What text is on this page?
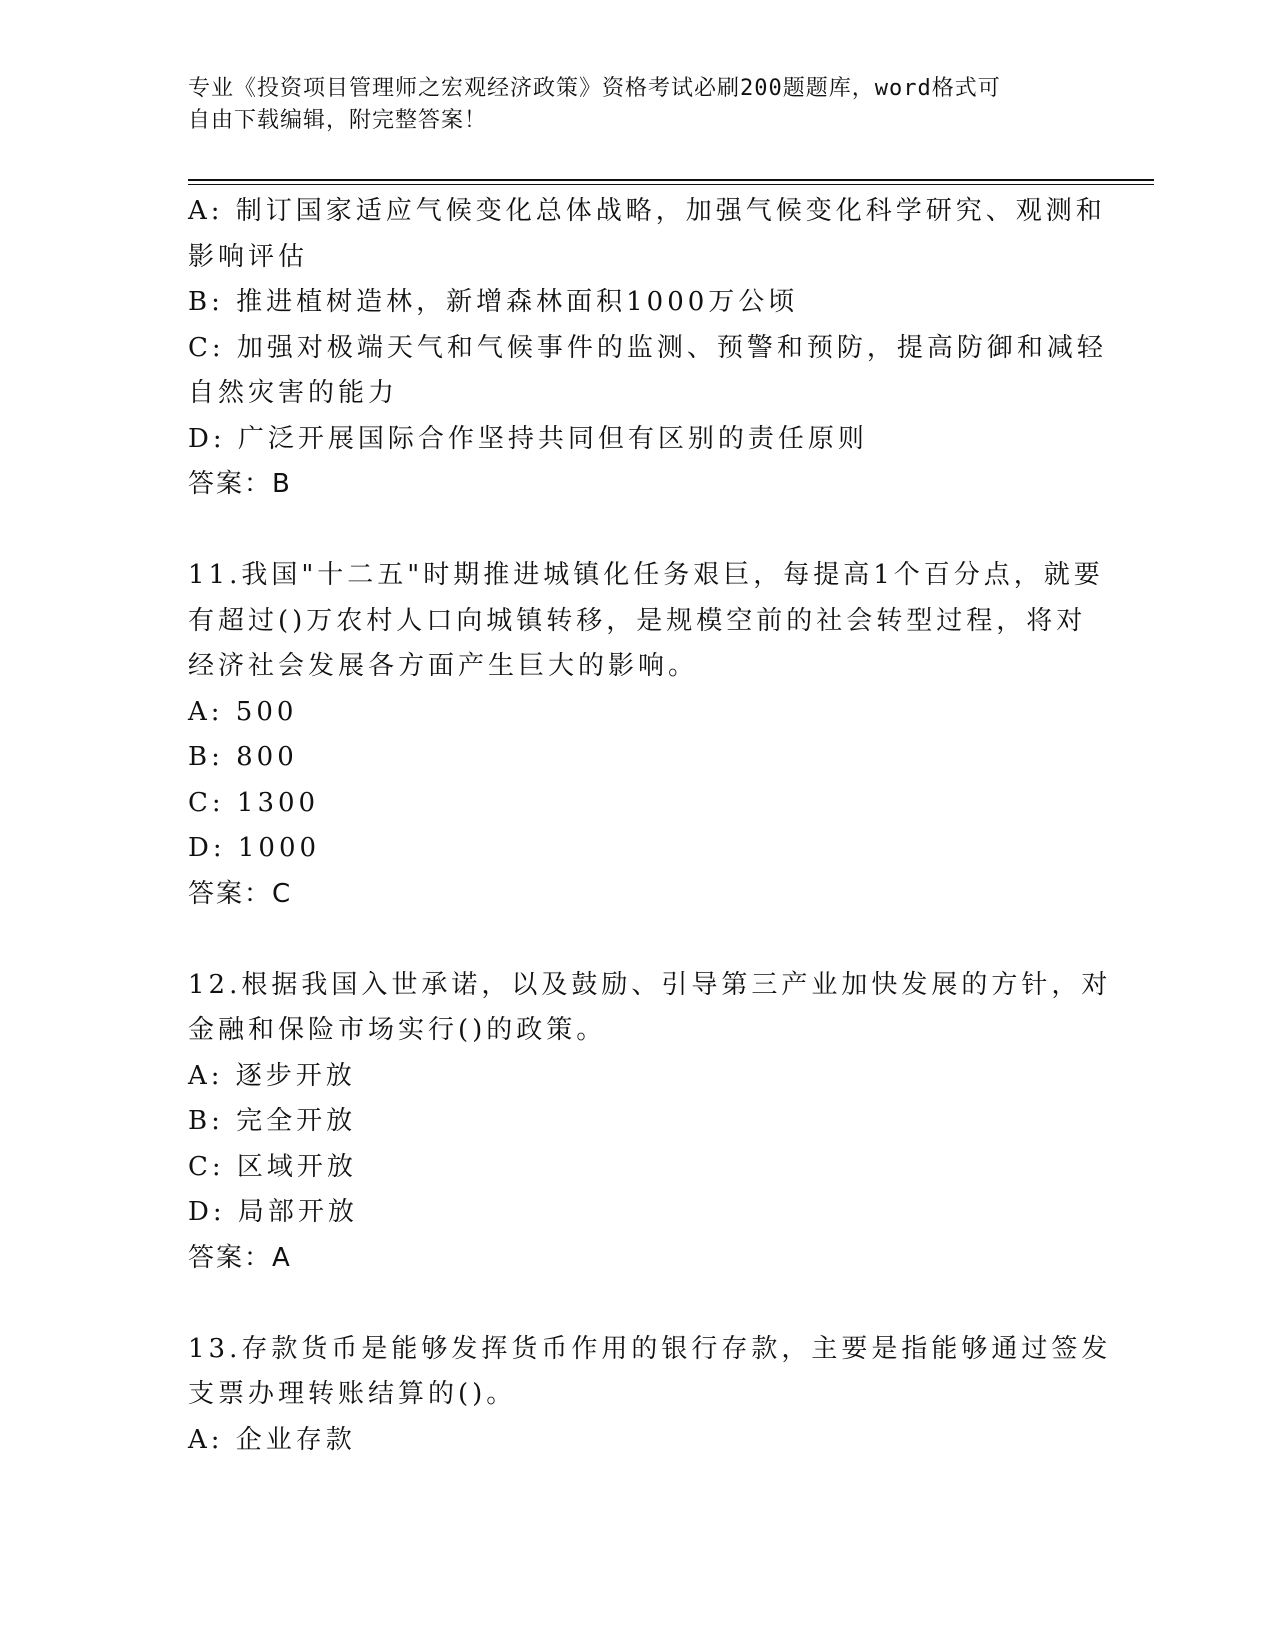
专业《投资项目管理师之宏观经济政策》资格考试必刷200题题库，word格式可

自由下载编辑，附完整答案！

A: 制订国家适应气候变化总体战略，加强气候变化科学研究、观测和
影响评估
B: 推进植树造林，新增森林面积1000万公顷
C: 加强对极端天气和气候事件的监测、预警和预防，提高防御和减轻
自然灾害的能力
D: 广泛开展国际合作坚持共同但有区别的责任原则
答案：B
11.我国"十二五"时期推进城镇化任务艰巨，每提高1个百分点，就要
有超过()万农村人口向城镇转移，是规模空前的社会转型过程，将对
经济社会发展各方面产生巨大的影响。
A: 500
B: 800
C: 1300
D: 1000
答案：C
12.根据我国入世承诺，以及鼓励、引导第三产业加快发展的方针，对
金融和保险市场实行()的政策。
A: 逐步开放
B: 完全开放
C: 区域开放
D: 局部开放
答案：A
13.存款货币是能够发挥货币作用的银行存款，主要是指能够通过签发
支票办理转账结算的()。
A: 企业存款
